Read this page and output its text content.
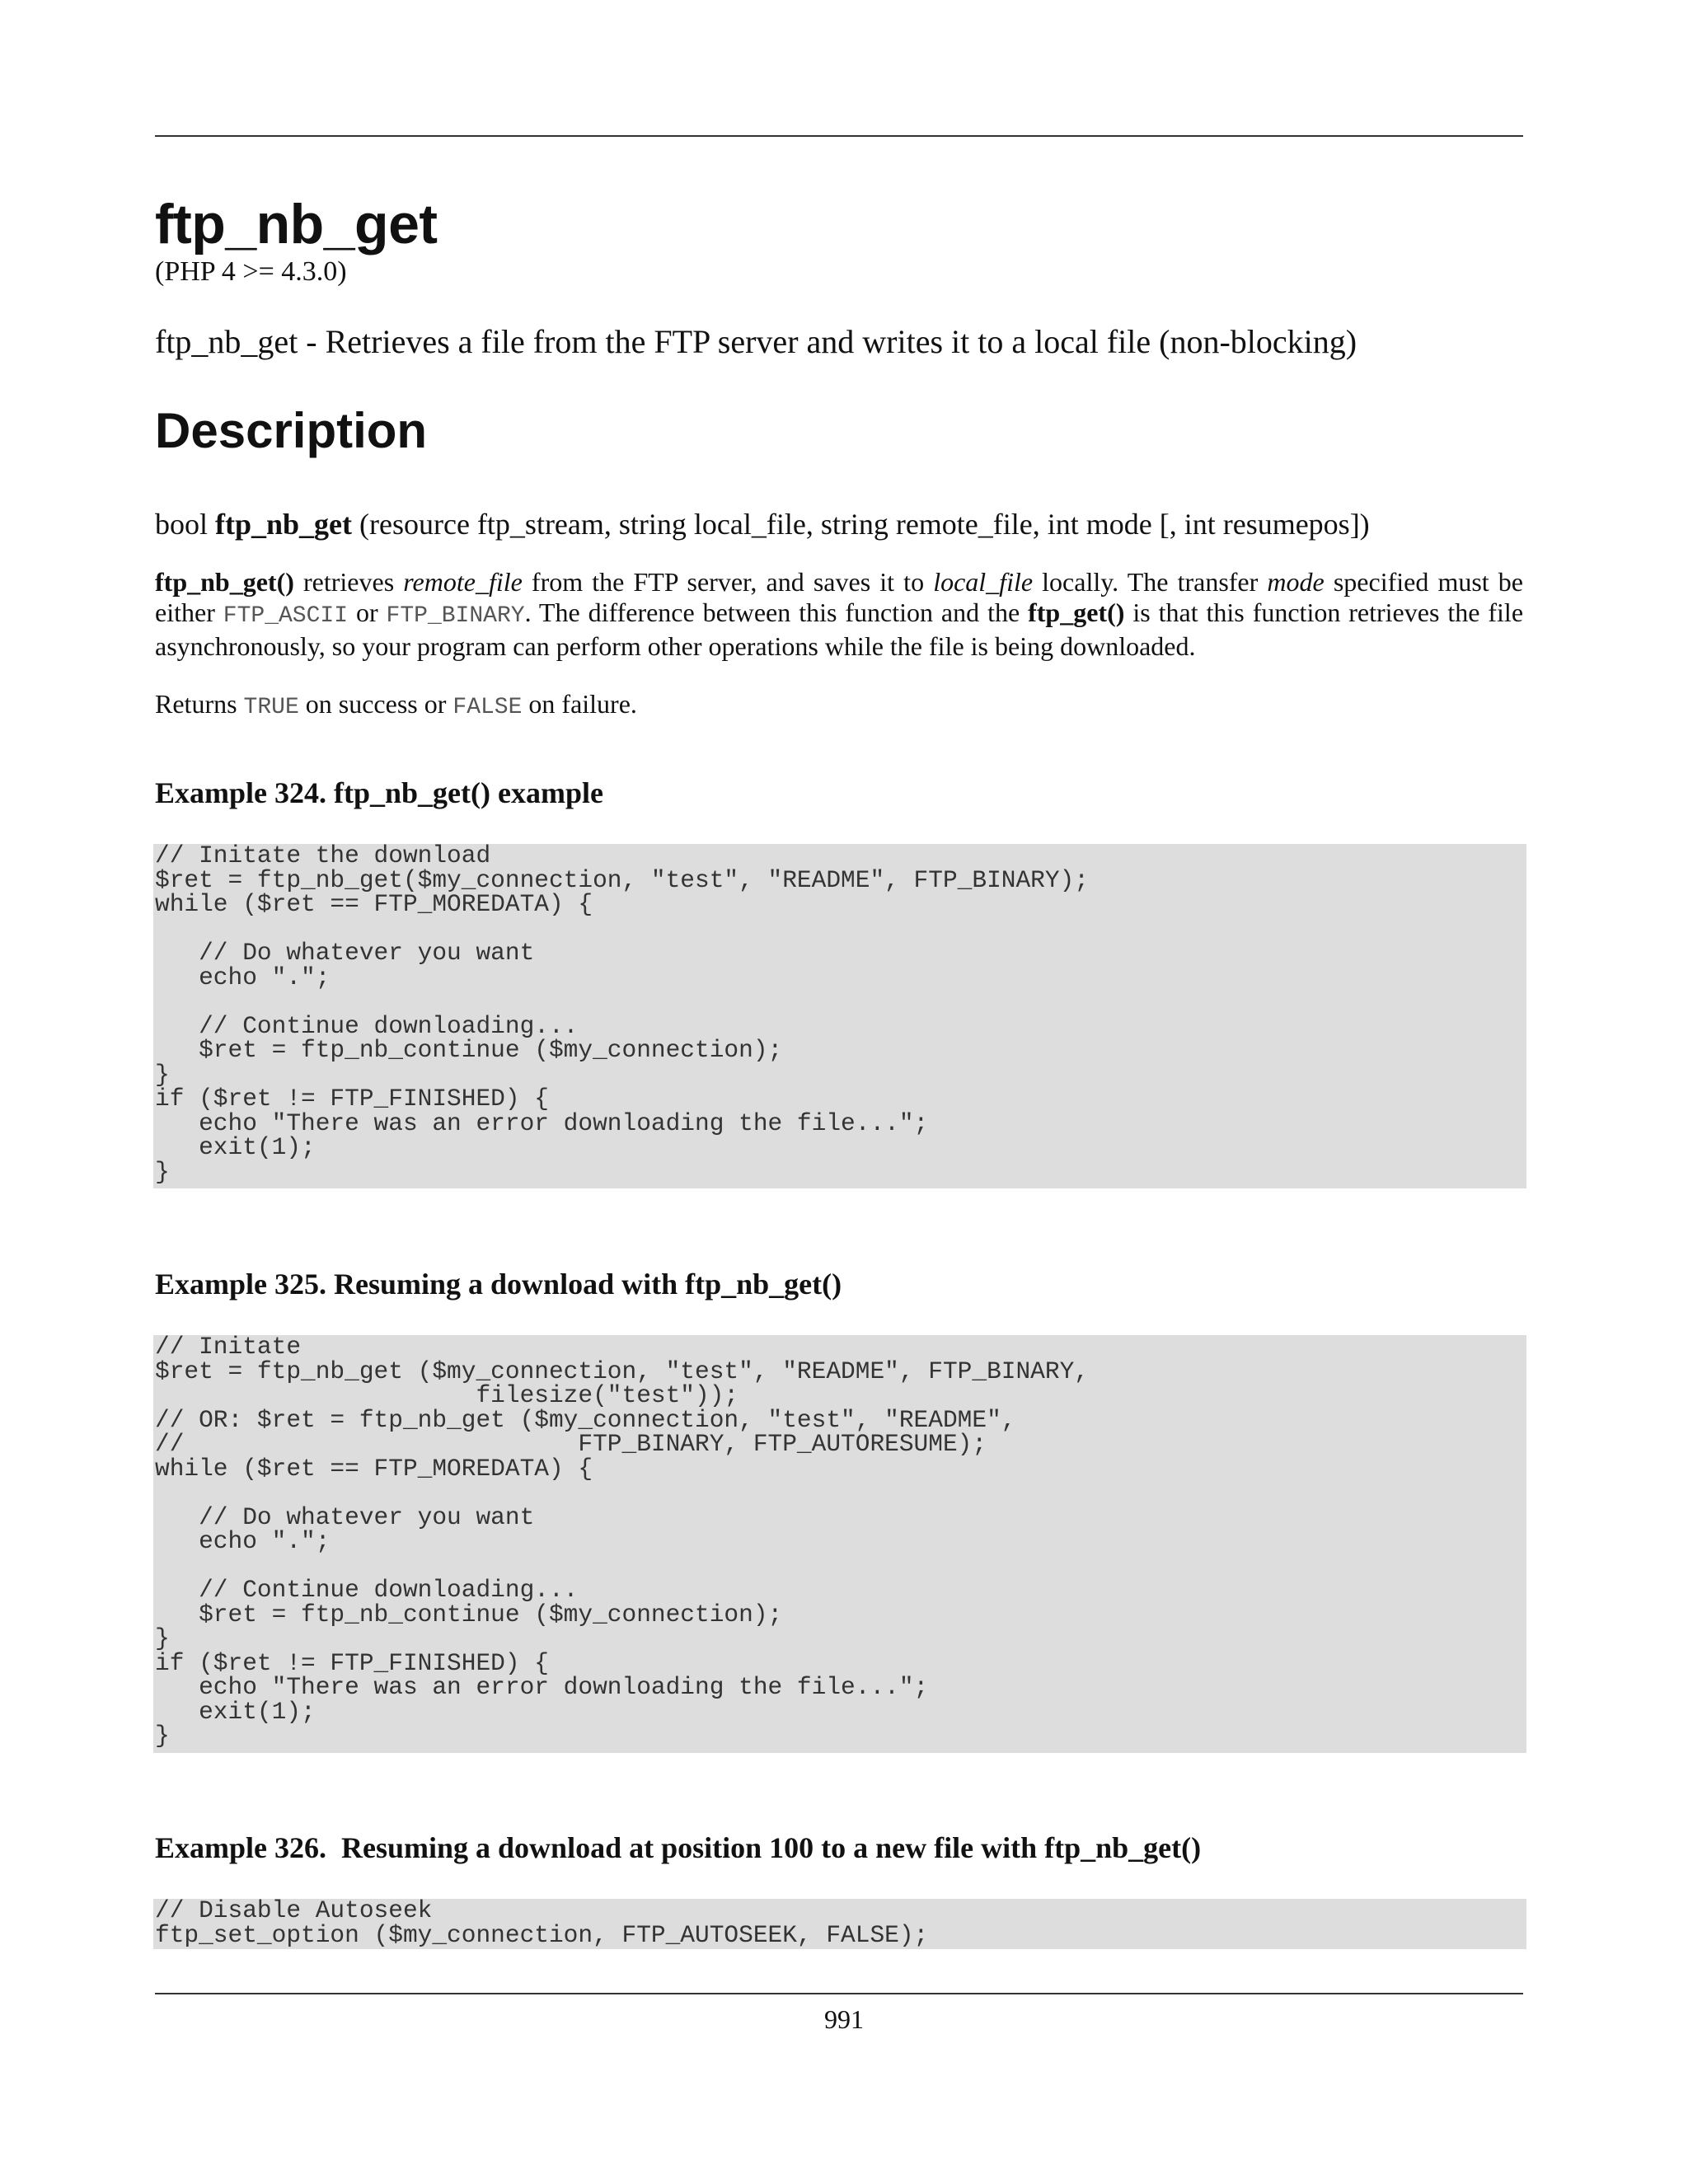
ftp_nb_get
(PHP 4 >= 4.3.0)
ftp_nb_get - Retrieves a file from the FTP server and writes it to a local file (non-blocking)
Description
bool ftp_nb_get (resource ftp_stream, string local_file, string remote_file, int mode [, int resumepos])
ftp_nb_get() retrieves remote_file from the FTP server, and saves it to local_file locally. The transfer mode specified must be either FTP_ASCII or FTP_BINARY. The difference between this function and the ftp_get() is that this function retrieves the file asynchronously, so your program can perform other operations while the file is being downloaded.
Returns TRUE on success or FALSE on failure.
Example 324. ftp_nb_get() example
// Initate the download
$ret = ftp_nb_get($my_connection, "test", "README", FTP_BINARY);
while ($ret == FTP_MOREDATA) {

// Do whatever you want
echo ".";

// Continue downloading...
$ret = ftp_nb_continue ($my_connection);
}
if ($ret != FTP_FINISHED) {
echo "There was an error downloading the file...";
exit(1);
}
Example 325. Resuming a download with ftp_nb_get()
// Initate
$ret = ftp_nb_get ($my_connection, "test", "README", FTP_BINARY,
filesize("test"));
// OR: $ret = ftp_nb_get ($my_connection, "test", "README",
//                           FTP_BINARY, FTP_AUTORESUME);
while ($ret == FTP_MOREDATA) {

// Do whatever you want
echo ".";

// Continue downloading...
$ret = ftp_nb_continue ($my_connection);
}
if ($ret != FTP_FINISHED) {
echo "There was an error downloading the file...";
exit(1);
}
Example 326.  Resuming a download at position 100 to a new file with ftp_nb_get()
// Disable Autoseek
ftp_set_option ($my_connection, FTP_AUTOSEEK, FALSE);
991
